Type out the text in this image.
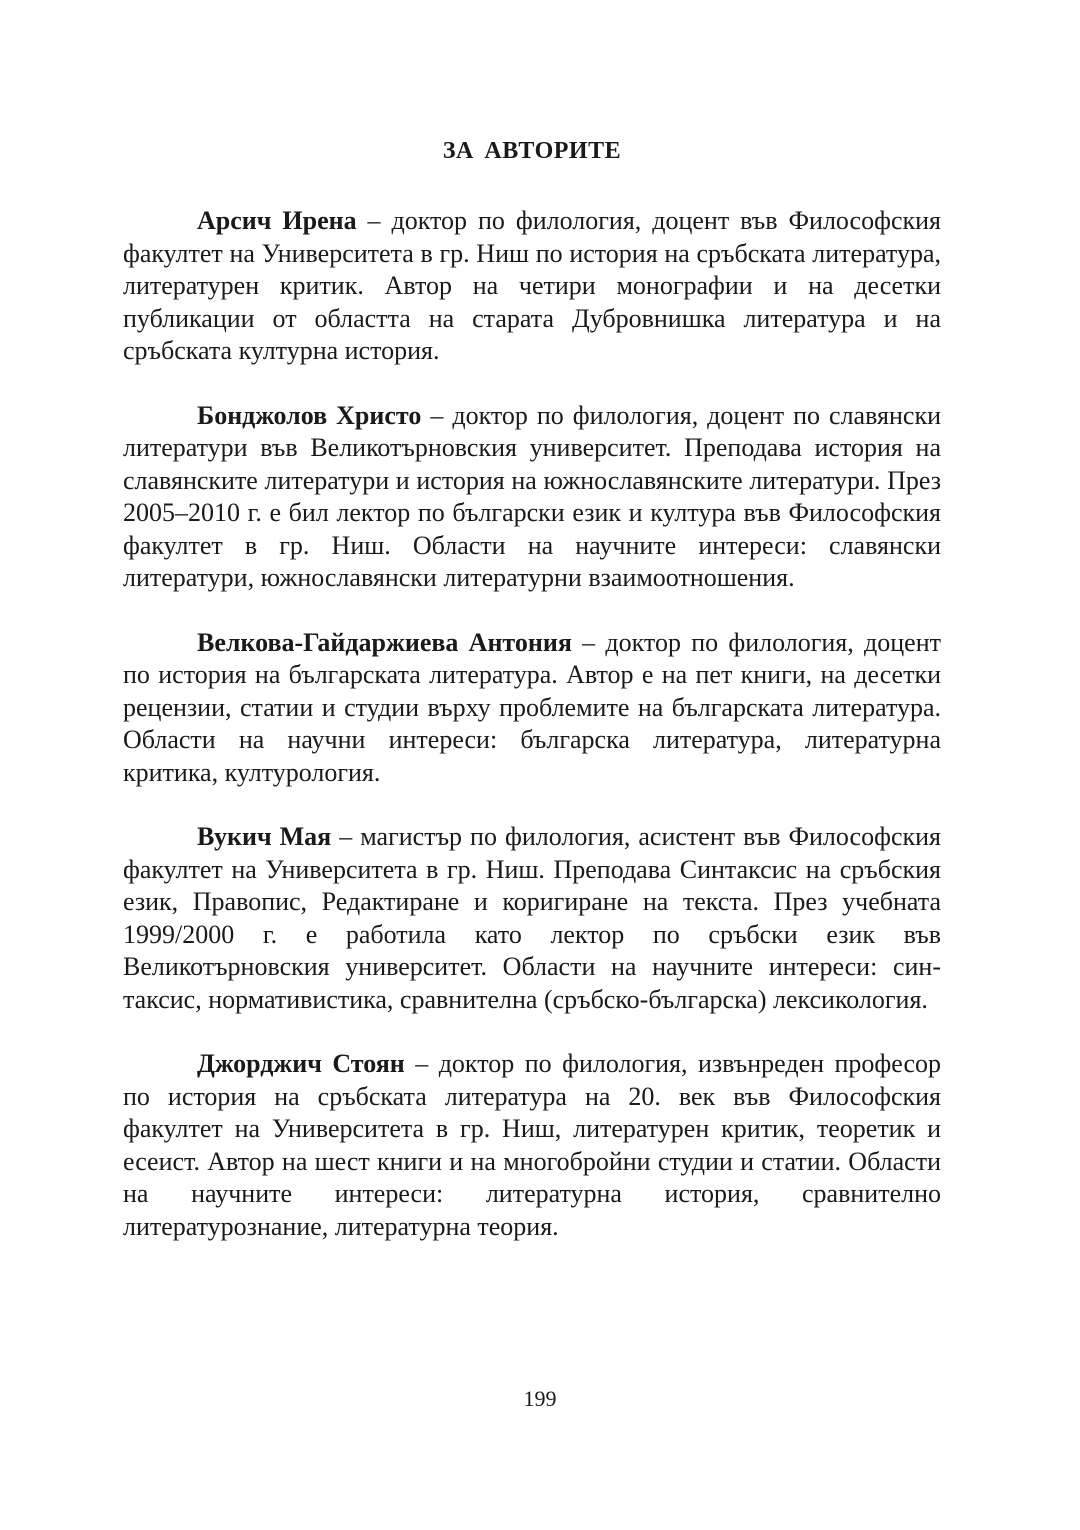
ЗА АВТОРИТЕ

Арсич Ирена – доктор по филология, доцент във Философския факултет на Университета в гр. Ниш по история на сръбската литература, литературен критик. Автор на четири монографии и на десетки публикации от областта на старата Дубровнишка литература и на сръбската културна история.

Бонджолов Христо – доктор по филология, доцент по славянски литератури във Великотърновския университет. Преподава история на славянските литератури и история на южнославянските литератури. През 2005–2010 г. е бил лектор по български език и култура във Философския факултет в гр. Ниш. Области на научните интереси: славянски литератури, южнославянски литературни взаимоотношения.

Велкова-Гайдаржиева Антония – доктор по филология, доцент по история на българската литература. Автор е на пет книги, на десетки рецензии, статии и студии върху проблемите на българската литература. Области на научни интереси: българска литература, литературна критика, културология.

Вукич Мая – магистър по филология, асистент във Философския факултет на Университета в гр. Ниш. Преподава Синтаксис на сръбския език, Правопис, Редактиране и коригиране на текста. През учебната 1999/2000 г. е работила като лектор по сръбски език във Великотърновския университет. Области на научните интереси: синтаксис, нормативистика, сравнителна (сръбско-българска) лексикология.

Джорджич Стоян – доктор по филология, извънреден професор по история на сръбската литература на 20. век във Философския факултет на Университета в гр. Ниш, литературен критик, теоретик и есеист. Автор на шест книги и на многобройни студии и статии. Области на научните интереси: литературна история, сравнително литературознание, литературна теория.

199
